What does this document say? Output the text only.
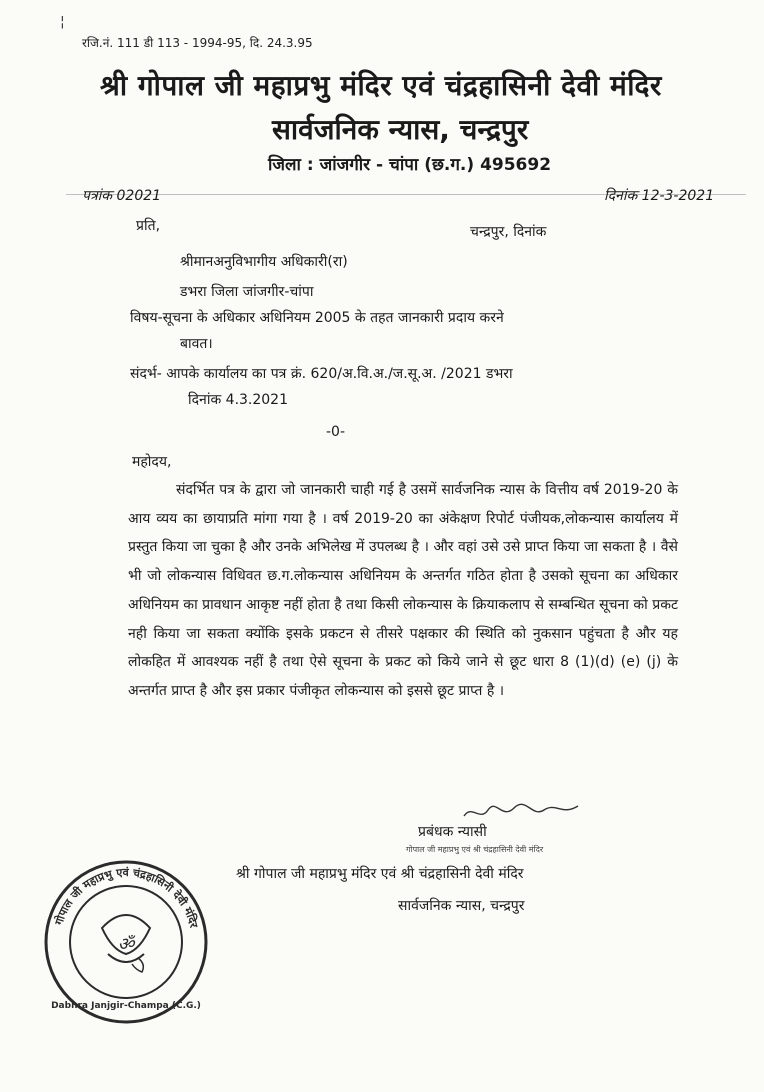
¦
रजि.नं. 111 डी 113 - 1994-95, दि. 24.3.95
श्री गोपाल जी महाप्रभु मंदिर एवं चंद्रहासिनी देवी मंदिर
सार्वजनिक न्यास, चन्द्रपुर
जिला : जांजगीर - चांपा (छ.ग.) 495692
पत्रांक 02021	दिनांक 12-3-2021
प्रति,	चन्द्रपुर, दिनांक
श्रीमानअनुविभागीय अधिकारी(रा)
डभरा जिला जांजगीर-चांपा
विषय-सूचना के अधिकार अधिनियम 2005 के तहत जानकारी प्रदाय करने
बावत।
संदर्भ- आपके कार्यालय का पत्र क्रं. 620/अ.वि.अ./ज.सू.अ. /2021 डभरा
दिनांक 4.3.2021
-0-
महोदय,
संदर्भित पत्र के द्वारा जो जानकारी चाही गई है उसमें सार्वजनिक न्यास के वित्तीय वर्ष 2019-20 के आय व्यय का छायाप्रति मांगा गया है । वर्ष 2019-20 का अंकेक्षण रिपोर्ट पंजीयक,लोकन्यास कार्यालय में प्रस्तुत किया जा चुका है और उनके अभिलेख में उपलब्ध है । और वहां उसे उसे प्राप्त किया जा सकता है । वैसे भी जो लोकन्यास विधिवत छ.ग.लोकन्यास अधिनियम के अन्तर्गत गठित होता है उसको सूचना का अधिकार अधिनियम का प्रावधान आकृष्ट नहीं होता है तथा किसी लोकन्यास के क्रियाकलाप से सम्बन्धित सूचना को प्रकट नही किया जा सकता क्योंकि इसके प्रकटन से तीसरे पक्षकार की स्थिति को नुकसान पहुंचता है और यह लोकहित में आवश्यक नहीं है तथा ऐसे सूचना के प्रकट को किये जाने से छूट धारा 8 (1)(d) (e) (j) के अन्तर्गत प्राप्त है और इस प्रकार पंजीकृत लोकन्यास को इससे छूट प्राप्त है ।
प्रबंधक न्यासी
गोपाल जी महाप्रभु एवं श्री चंद्रहासिनी देवी मंदिर
श्री गोपाल जी महाप्रभु मंदिर एवं श्री चंद्रहासिनी देवी मंदिर
सार्वजनिक न्यास, चन्द्रपुर
गोपाल जी महाप्रभु एवं चंद्रहासिनी देवी मंदिर
Dabhra Janjgir-Champa (C.G.)
ॐ
